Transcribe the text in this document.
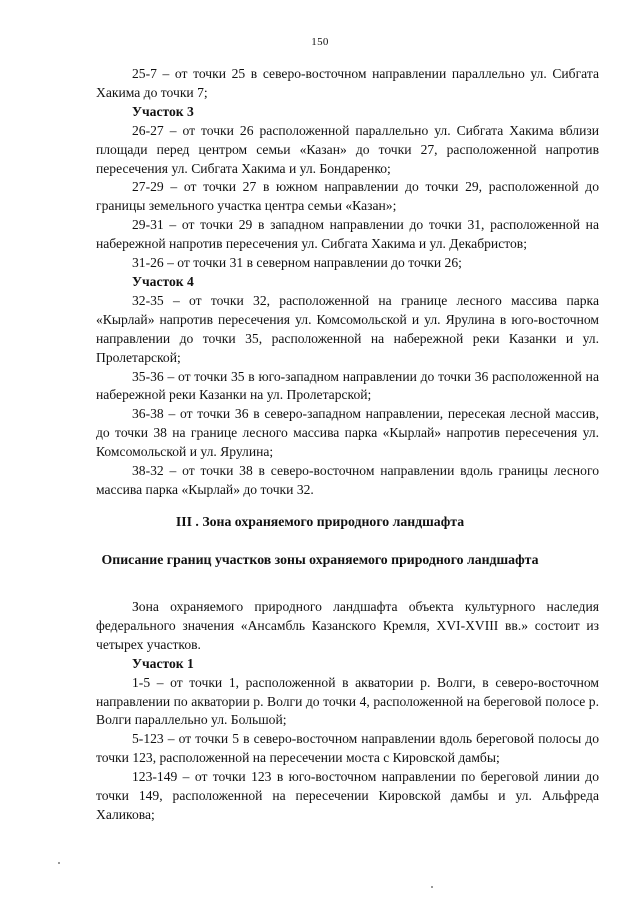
150

25-7 – от точки 25 в северо-восточном направлении параллельно ул. Сибгата Хакима до точки 7;

Участок 3

26-27 – от точки 26 расположенной параллельно ул. Сибгата Хакима вблизи площади перед центром семьи «Казан» до точки 27, расположенной напротив пересечения ул. Сибгата Хакима и ул. Бондаренко;

27-29 – от точки 27 в южном направлении до точки 29, расположенной до границы земельного участка центра семьи «Казан»;

29-31 – от точки 29 в западном направлении до точки 31, расположенной на набережной напротив пересечения ул. Сибгата Хакима и ул. Декабристов;

31-26 – от точки 31 в северном направлении до точки 26;

Участок 4

32-35 – от точки 32, расположенной на границе лесного массива парка «Кырлай» напротив пересечения ул. Комсомольской и ул. Ярулина в юго-восточном направлении до точки 35, расположенной на набережной реки Казанки и ул. Пролетарской;

35-36 – от точки 35 в юго-западном направлении до точки 36 расположенной на набережной реки Казанки на ул. Пролетарской;

36-38 – от точки 36 в северо-западном направлении, пересекая лесной массив, до точки 38 на границе лесного массива парка «Кырлай» напротив пересечения ул. Комсомольской и ул. Ярулина;

38-32 – от точки 38 в северо-восточном направлении вдоль границы лесного массива парка «Кырлай» до точки 32.

III . Зона охраняемого природного ландшафта
Описание границ участков зоны охраняемого природного ландшафта

Зона охраняемого природного ландшафта объекта культурного наследия федерального значения «Ансамбль Казанского Кремля, XVI-XVIII вв.» состоит из четырех участков.

Участок 1

1-5 – от точки 1, расположенной в акватории р. Волги, в северо-восточном направлении по акватории р. Волги до точки 4, расположенной на береговой полосе р. Волги параллельно ул. Большой;

5-123 – от точки 5 в северо-восточном направлении вдоль береговой полосы до точки 123, расположенной на пересечении моста с Кировской дамбы;

123-149 – от точки 123 в юго-восточном направлении по береговой линии до точки 149, расположенной на пересечении Кировской дамбы и ул. Альфреда Халикова;
